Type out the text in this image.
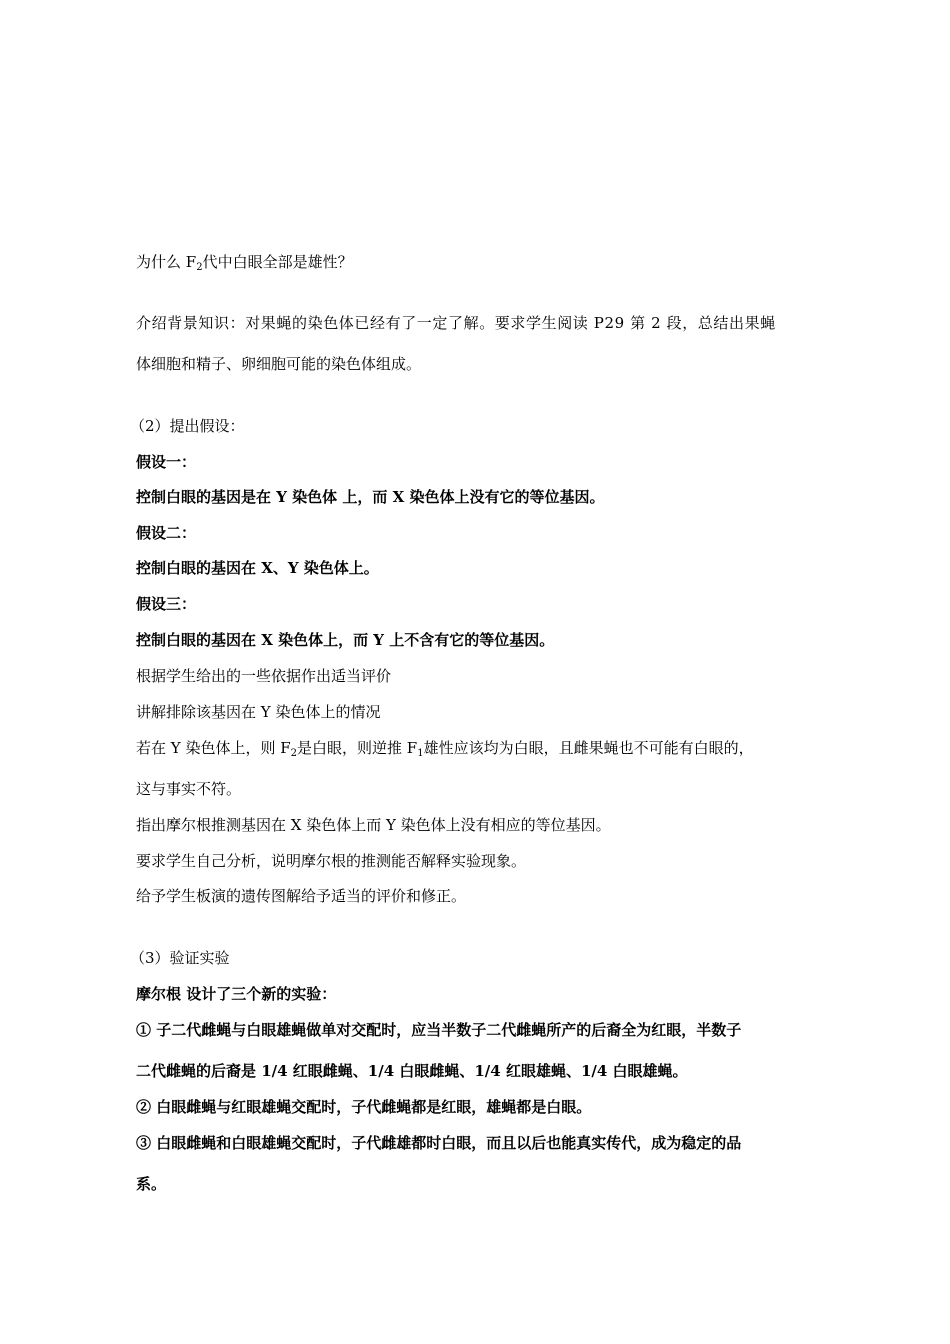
为什么 $F_2$代中白眼全部是雄性？
介绍背景知识：对果蝇的染色体已经有了一定了解。要求学生阅读 P29 第 2 段，总结出果蝇
体细胞和精子、卵细胞可能的染色体组成。
（2）提出假设：
假设一：
控制白眼的基因是在 Y 染色体 上，而 X 染色体上没有它的等位基因。
假设二：
控制白眼的基因在 X、Y 染色体上。
假设三：
控制白眼的基因在 X 染色体上，而 Y 上不含有它的等位基因。
根据学生给出的一些依据作出适当评价
讲解排除该基因在 Y 染色体上的情况
若在 Y 染色体上，则 $F_2$是白眼，则逆推 $F_1$雄性应该均为白眼，且雌果蝇也不可能有白眼的，
这与事实不符。
指出摩尔根推测基因在 X 染色体上而 Y 染色体上没有相应的等位基因。
要求学生自己分析，说明摩尔根的推测能否解释实验现象。
给予学生板演的遗传图解给予适当的评价和修正。
（3）验证实验
摩尔根 设计了三个新的实验：
① 子二代雌蝇与白眼雄蝇做单对交配时，应当半数子二代雌蝇所产的后裔全为红眼，半数子
二代雌蝇的后裔是 1/4 红眼雌蝇、1/4 白眼雌蝇、1/4 红眼雄蝇、1/4 白眼雄蝇。
② 白眼雌蝇与红眼雄蝇交配时，子代雌蝇都是红眼，雄蝇都是白眼。
③ 白眼雌蝇和白眼雄蝇交配时，子代雌雄都时白眼，而且以后也能真实传代，成为稳定的品
系。
